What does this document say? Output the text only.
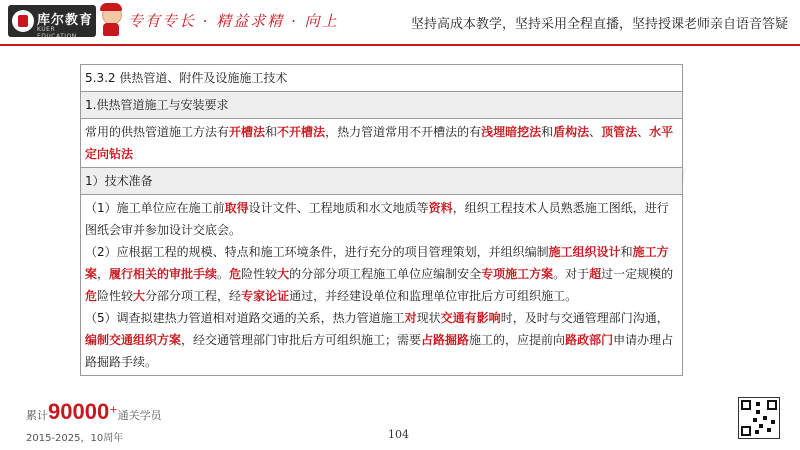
库尔教育
KUER EDUCATION
专有专长 · 精益求精 · 向上	坚持高成本教学，坚持采用全程直播，坚持授课老师亲自语音答疑
5.3.2 供热管道、附件及设施施工技术
1.供热管道施工与安装要求
常用的供热管道施工方法有开槽法和不开槽法，热力管道常用不开槽法的有浅埋暗挖法和盾构法、顶管法、水平定向钻法
1）技术准备

（1）施工单位应在施工前取得设计文件、工程地质和水文地质等资料，组织工程技术人员熟悉施工图纸，进行图纸会审并参加设计交底会。
（2）应根据工程的规模、特点和施工环境条件，进行充分的项目管理策划，并组织编制施工组织设计和施工方案，履行相关的审批手续。危险性较大的分部分项工程施工单位应编制安全专项施工方案。对于超过一定规模的危险性较大分部分项工程，经专家论证通过，并经建设单位和监理单位审批后方可组织施工。
（5）调查拟建热力管道相对道路交通的关系，热力管道施工对现状交通有影响时，及时与交通管理部门沟通，编制交通组织方案，经交通管理部门审批后方可组织施工；需要占路掘路施工的，应提前向路政部门申请办理占路掘路手续。
累计90000+通关学员
2015-2025，10周年	104
